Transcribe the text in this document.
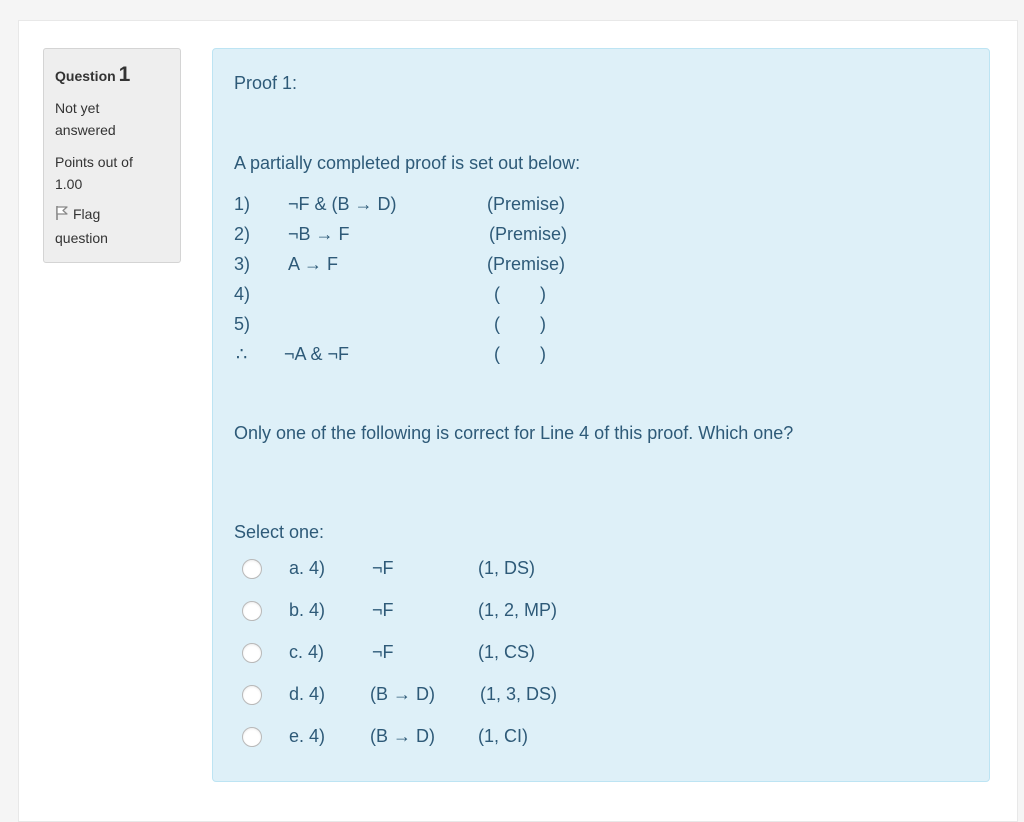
Question 1
Not yet
answered
Points out of
1.00
Flag
question
Proof 1:
A partially completed proof is set out below:
1) ¬F & (B → D)	(Premise)
2) ¬B → F	(Premise)
3) A → F	(Premise)
4)	(        )
5)	(        )
∴ ¬A & ¬F	(        )
Only one of the following is correct for Line 4 of this proof. Which one?
Select one:
a. 4)	¬F	(1, DS)
b. 4)	¬F	(1, 2, MP)
c. 4)	¬F	(1, CS)
d. 4) (B → D)	(1, 3, DS)
e. 4) (B → D) (1, CI)
